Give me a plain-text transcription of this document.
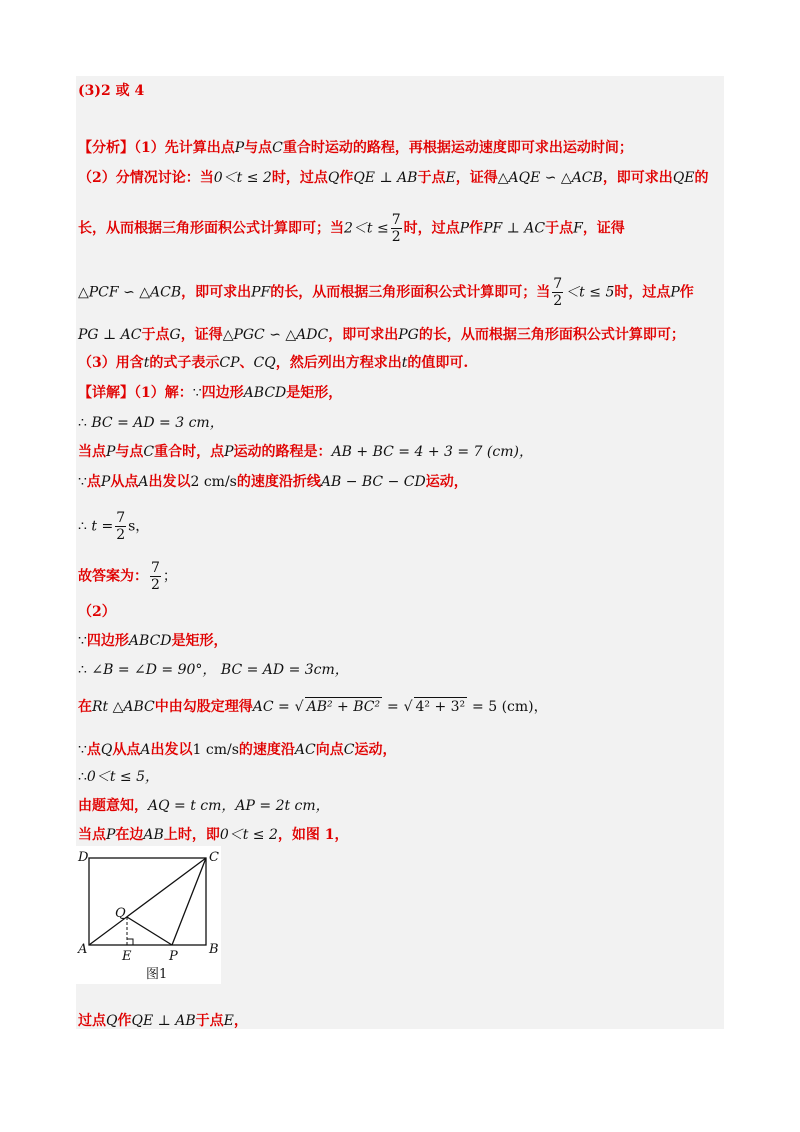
(3)2 或 4
【分析】（1）先计算出点P与点C重合时运动的路程，再根据运动速度即可求出运动时间；
（2）分情况讨论：当0＜t ≤ 2时，过点Q作QE ⊥ AB于点E，证得△AQE ∽ △ACB，即可求出QE的
长，从而根据三角形面积公式计算即可；当$2<t \le \frac{7}{2}$ 时，过点P作PF ⊥ AC于点F，证得
△PCF ∽ △ACB，即可求出PF的长，从而根据三角形面积公式计算即可；当 $\frac{7}{2} <t \le 5$时，过点P作
PG ⊥ AC于点G，证得△PGC ∽ △ADC，即可求出PG的长，从而根据三角形面积公式计算即可；
（3）用含t的式子表示CP、CQ，然后列出方程求出t的值即可.
【详解】（1）解：∵四边形ABCD是矩形，
∴ BC = AD = 3 cm，
当点P与点C重合时，点P运动的路程是：AB + BC = 4 + 3 = 7 (cm)，
∵点P从点A出发以2 cm/s的速度沿折线AB − BC − CD运动，
∴ $t = \frac{7}{2}$ s，
故答案为： $\frac{7}{2}$ ；
（2）
∵四边形ABCD是矩形，
∴ ∠B = ∠D = 90°， BC = AD = 3cm，
在Rt △ABC中由勾股定理得AC = √ AB² + BC² = √ 4² + 3² = 5 (cm)，
∵点Q从点A出发以1 cm/s的速度沿AC向点C运动，
∴0＜t ≤ 5，
由题意知，AQ = t cm，AP = 2t cm，
当点P在边AB上时，即0＜t ≤ 2，如图 1，
D	C
A	B
Q
E	P
图1
过点Q作QE ⊥ AB于点E，
